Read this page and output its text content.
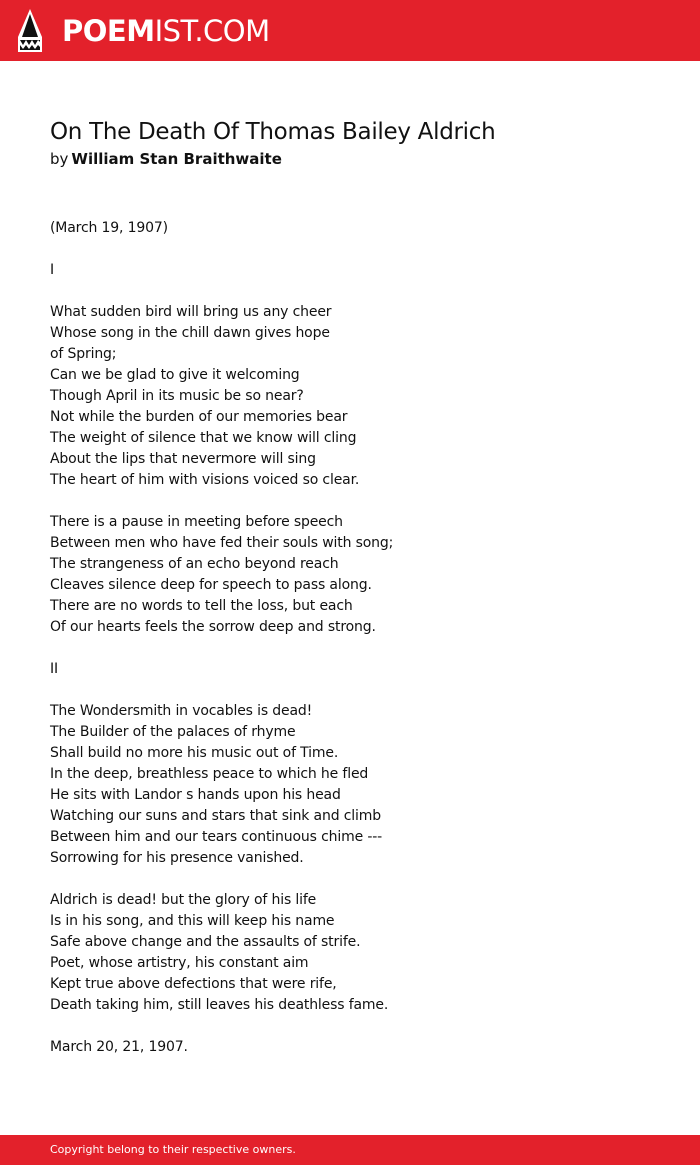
POEMIST.COM
On The Death Of Thomas Bailey Aldrich
by William Stan Braithwaite
(March 19, 1907)
I
What sudden bird will bring us any cheer
Whose song in the chill dawn gives hope
of Spring;
Can we be glad to give it welcoming
Though April in its music be so near?
Not while the burden of our memories bear
The weight of silence that we know will cling
About the lips that nevermore will sing
The heart of him with visions voiced so clear.
There is a pause in meeting before speech
Between men who have fed their souls with song;
The strangeness of an echo beyond reach
Cleaves silence deep for speech to pass along.
There are no words to tell the loss, but each
Of our hearts feels the sorrow deep and strong.
II
The Wondersmith in vocables is dead!
The Builder of the palaces of rhyme
Shall build no more his music out of Time.
In the deep, breathless peace to which he fled
He sits with Landor s hands upon his head
Watching our suns and stars that sink and climb
Between him and our tears continuous chime ---
Sorrowing for his presence vanished.
Aldrich is dead! but the glory of his life
Is in his song, and this will keep his name
Safe above change and the assaults of strife.
Poet, whose artistry, his constant aim
Kept true above defections that were rife,
Death taking him, still leaves his deathless fame.
March 20, 21, 1907.
Copyright belong to their respective owners.
